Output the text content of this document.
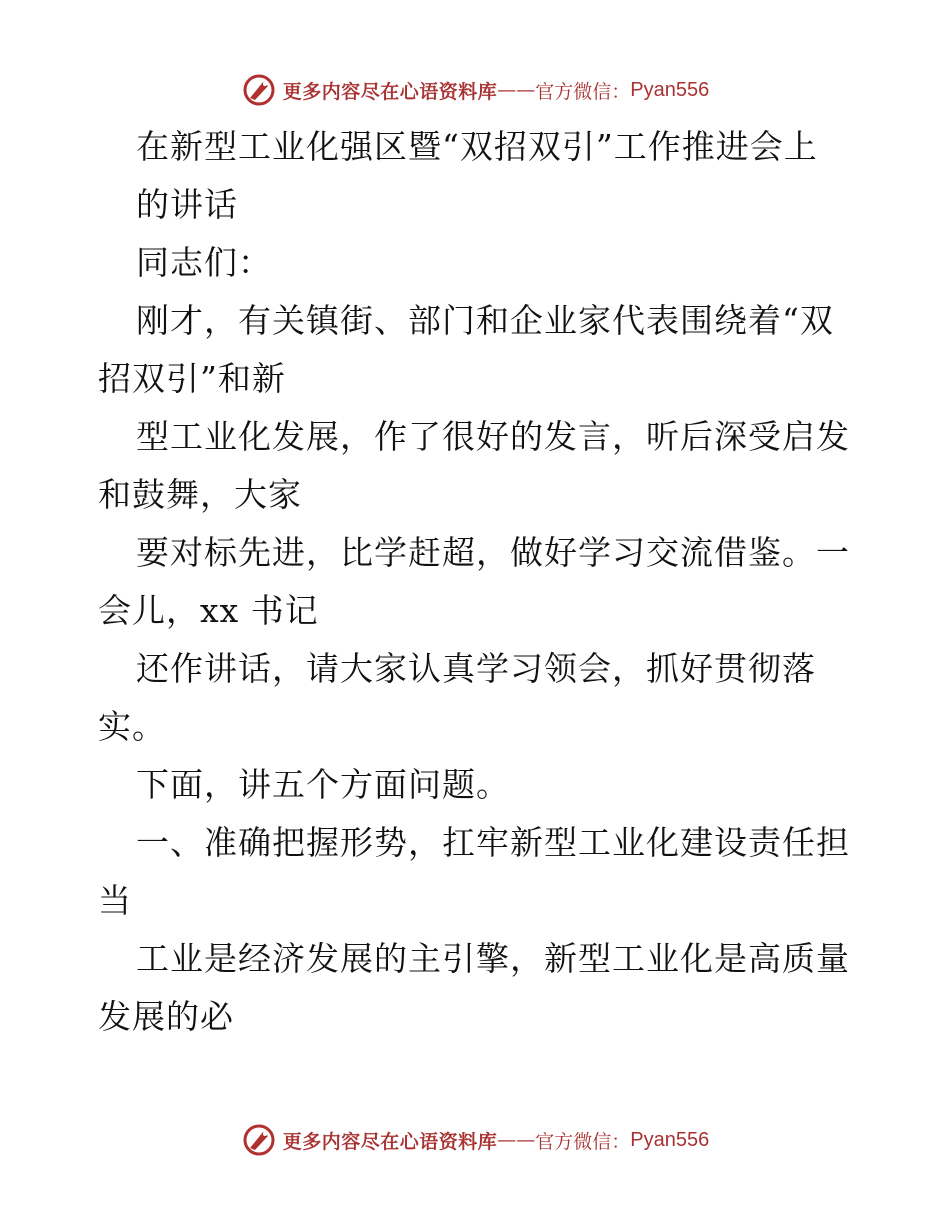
更多内容尽在心语资料库 —— 官方微信： Pyan556

在新型工业化强区暨“双招双引”工作推进会上

的讲话

同志们：

刚才，有关镇街、部门和企业家代表围绕着“双

招双引”和新

型工业化发展，作了很好的发言，听后深受启发

和鼓舞，大家

要对标先进，比学赶超，做好学习交流借鉴。一

会儿，xx 书记

还作讲话，请大家认真学习领会，抓好贯彻落

实。

下面，讲五个方面问题。

一、准确把握形势，扛牢新型工业化建设责任担

当

工业是经济发展的主引擎，新型工业化是高质量

发展的必

更多内容尽在心语资料库 —— 官方微信： Pyan556
